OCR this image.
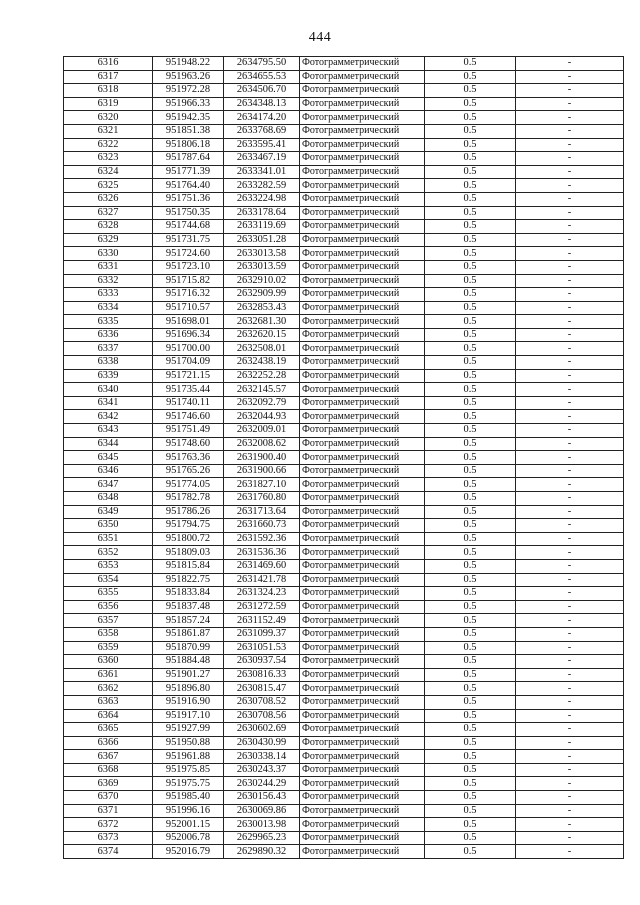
444
6316	951948.22	2634795.50	Фотограмметрический	0.5	-
6317	951963.26	2634655.53	Фотограмметрический	0.5	-
6318	951972.28	2634506.70	Фотограмметрический	0.5	-
6319	951966.33	2634348.13	Фотограмметрический	0.5	-
6320	951942.35	2634174.20	Фотограмметрический	0.5	-
6321	951851.38	2633768.69	Фотограмметрический	0.5	-
6322	951806.18	2633595.41	Фотограмметрический	0.5	-
6323	951787.64	2633467.19	Фотограмметрический	0.5	-
6324	951771.39	2633341.01	Фотограмметрический	0.5	-
6325	951764.40	2633282.59	Фотограмметрический	0.5	-
6326	951751.36	2633224.98	Фотограмметрический	0.5	-
6327	951750.35	2633178.64	Фотограмметрический	0.5	-
6328	951744.68	2633119.69	Фотограмметрический	0.5	-
6329	951731.75	2633051.28	Фотограмметрический	0.5	-
6330	951724.60	2633013.58	Фотограмметрический	0.5	-
6331	951723.10	2633013.59	Фотограмметрический	0.5	-
6332	951715.82	2632910.02	Фотограмметрический	0.5	-
6333	951716.32	2632909.99	Фотограмметрический	0.5	-
6334	951710.57	2632853.43	Фотограмметрический	0.5	-
6335	951698.01	2632681.30	Фотограмметрический	0.5	-
6336	951696.34	2632620.15	Фотограмметрический	0.5	-
6337	951700.00	2632508.01	Фотограмметрический	0.5	-
6338	951704.09	2632438.19	Фотограмметрический	0.5	-
6339	951721.15	2632252.28	Фотограмметрический	0.5	-
6340	951735.44	2632145.57	Фотограмметрический	0.5	-
6341	951740.11	2632092.79	Фотограмметрический	0.5	-
6342	951746.60	2632044.93	Фотограмметрический	0.5	-
6343	951751.49	2632009.01	Фотограмметрический	0.5	-
6344	951748.60	2632008.62	Фотограмметрический	0.5	-
6345	951763.36	2631900.40	Фотограмметрический	0.5	-
6346	951765.26	2631900.66	Фотограмметрический	0.5	-
6347	951774.05	2631827.10	Фотограмметрический	0.5	-
6348	951782.78	2631760.80	Фотограмметрический	0.5	-
6349	951786.26	2631713.64	Фотограмметрический	0.5	-
6350	951794.75	2631660.73	Фотограмметрический	0.5	-
6351	951800.72	2631592.36	Фотограмметрический	0.5	-
6352	951809.03	2631536.36	Фотограмметрический	0.5	-
6353	951815.84	2631469.60	Фотограмметрический	0.5	-
6354	951822.75	2631421.78	Фотограмметрический	0.5	-
6355	951833.84	2631324.23	Фотограмметрический	0.5	-
6356	951837.48	2631272.59	Фотограмметрический	0.5	-
6357	951857.24	2631152.49	Фотограмметрический	0.5	-
6358	951861.87	2631099.37	Фотограмметрический	0.5	-
6359	951870.99	2631051.53	Фотограмметрический	0.5	-
6360	951884.48	2630937.54	Фотограмметрический	0.5	-
6361	951901.27	2630816.33	Фотограмметрический	0.5	-
6362	951896.80	2630815.47	Фотограмметрический	0.5	-
6363	951916.90	2630708.52	Фотограмметрический	0.5	-
6364	951917.10	2630708.56	Фотограмметрический	0.5	-
6365	951927.99	2630602.69	Фотограмметрический	0.5	-
6366	951950.88	2630430.99	Фотограмметрический	0.5	-
6367	951961.88	2630338.14	Фотограмметрический	0.5	-
6368	951975.85	2630243.37	Фотограмметрический	0.5	-
6369	951975.75	2630244.29	Фотограмметрический	0.5	-
6370	951985.40	2630156.43	Фотограмметрический	0.5	-
6371	951996.16	2630069.86	Фотограмметрический	0.5	-
6372	952001.15	2630013.98	Фотограмметрический	0.5	-
6373	952006.78	2629965.23	Фотограмметрический	0.5	-
6374	952016.79	2629890.32	Фотограмметрический	0.5	-
